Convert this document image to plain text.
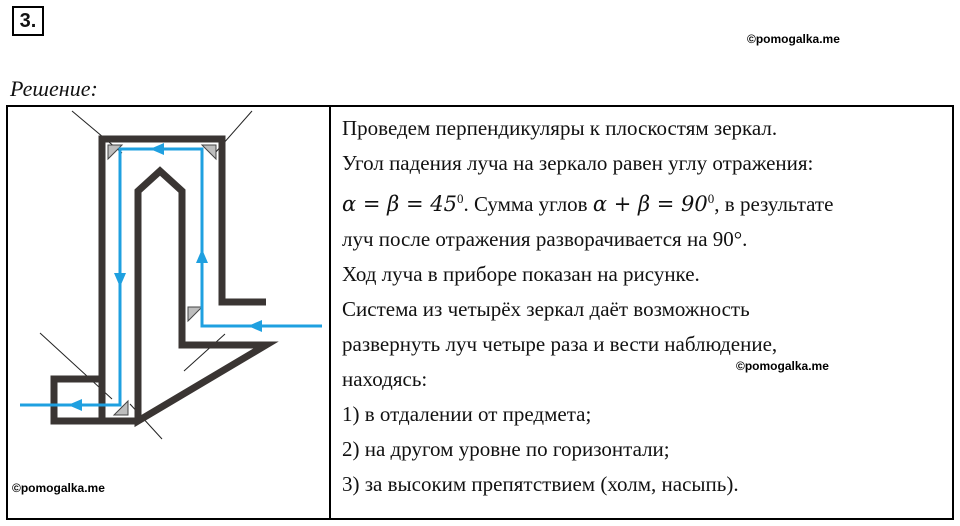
3.
©pomogalka.me
Решение:
©pomogalka.me
Проведем перпендикуляры к плоскостям зеркал.
Угол падения луча на зеркало равен углу отражения:
$\alpha = \beta = 45^0$. Сумма углов $\alpha + \beta = 90^0$, в результате
луч после отражения разворачивается на 90°.
Ход луча в приборе показан на рисунке.
Система из четырёх зеркал даёт возможность
развернуть луч четыре раза и вести наблюдение,
находясь:
1) в отдалении от предмета;
2) на другом уровне по горизонтали;
3) за высоким препятствием (холм, насыпь).
©pomogalka.me
